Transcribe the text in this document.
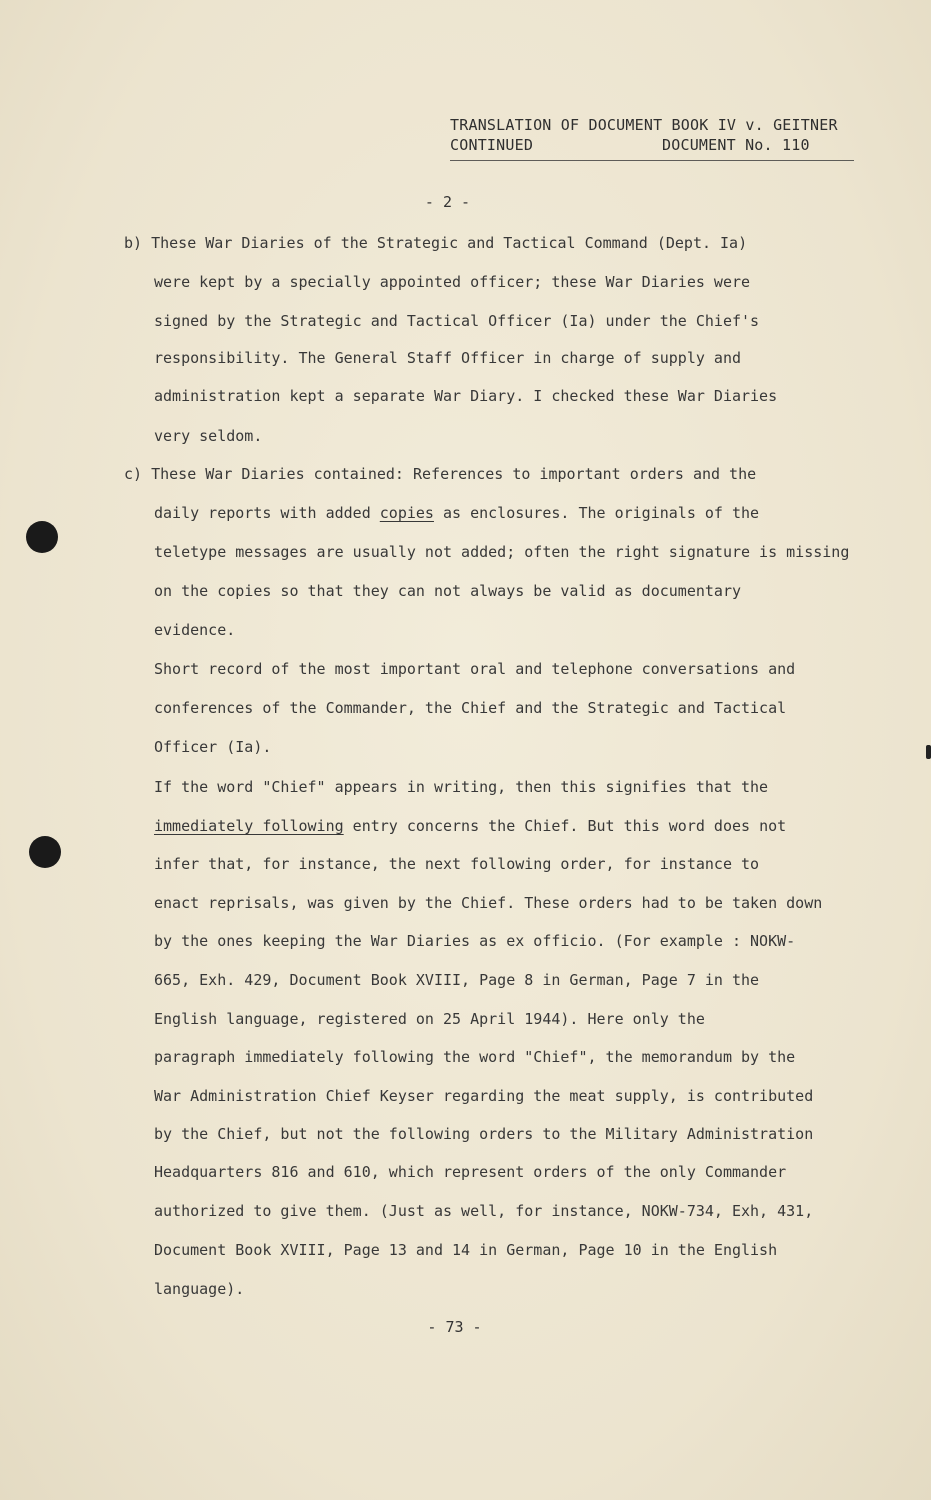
TRANSLATION OF DOCUMENT BOOK IV v. GEITNER
CONTINUED	DOCUMENT No. 110
- 2 -
b) These War Diaries of the Strategic and Tactical Command (Dept. Ia)
were kept by a specially appointed officer; these War Diaries were
signed by the Strategic and Tactical Officer (Ia) under the Chief's
responsibility. The General Staff Officer in charge of supply and
administration kept a separate War Diary. I checked these War Diaries
very seldom.
c) These War Diaries contained: References to important orders and the
daily reports with added copies as enclosures. The originals of the
teletype messages are usually not added; often the right signature is missing
on the copies so that they can not always be valid as documentary
evidence.
Short record of the most important oral and telephone conversations and
conferences of the Commander, the Chief and the Strategic and Tactical
Officer (Ia).
If the word "Chief" appears in writing, then this signifies that the
immediately following entry concerns the Chief. But this word does not
infer that, for instance, the next following order, for instance to
enact reprisals, was given by the Chief. These orders had to be taken down
by the ones keeping the War Diaries as ex officio. (For example : NOKW-
665, Exh. 429, Document Book XVIII, Page 8 in German, Page 7 in the
English language, registered on 25 April 1944). Here only the
paragraph immediately following the word "Chief", the memorandum by the
War Administration Chief Keyser regarding the meat supply, is contributed
by the Chief, but not the following orders to the Military Administration
Headquarters 816 and 610, which represent orders of the only Commander
authorized to give them. (Just as well, for instance, NOKW-734, Exh, 431,
Document Book XVIII, Page 13 and 14 in German, Page 10 in the English
language).
- 73 -
